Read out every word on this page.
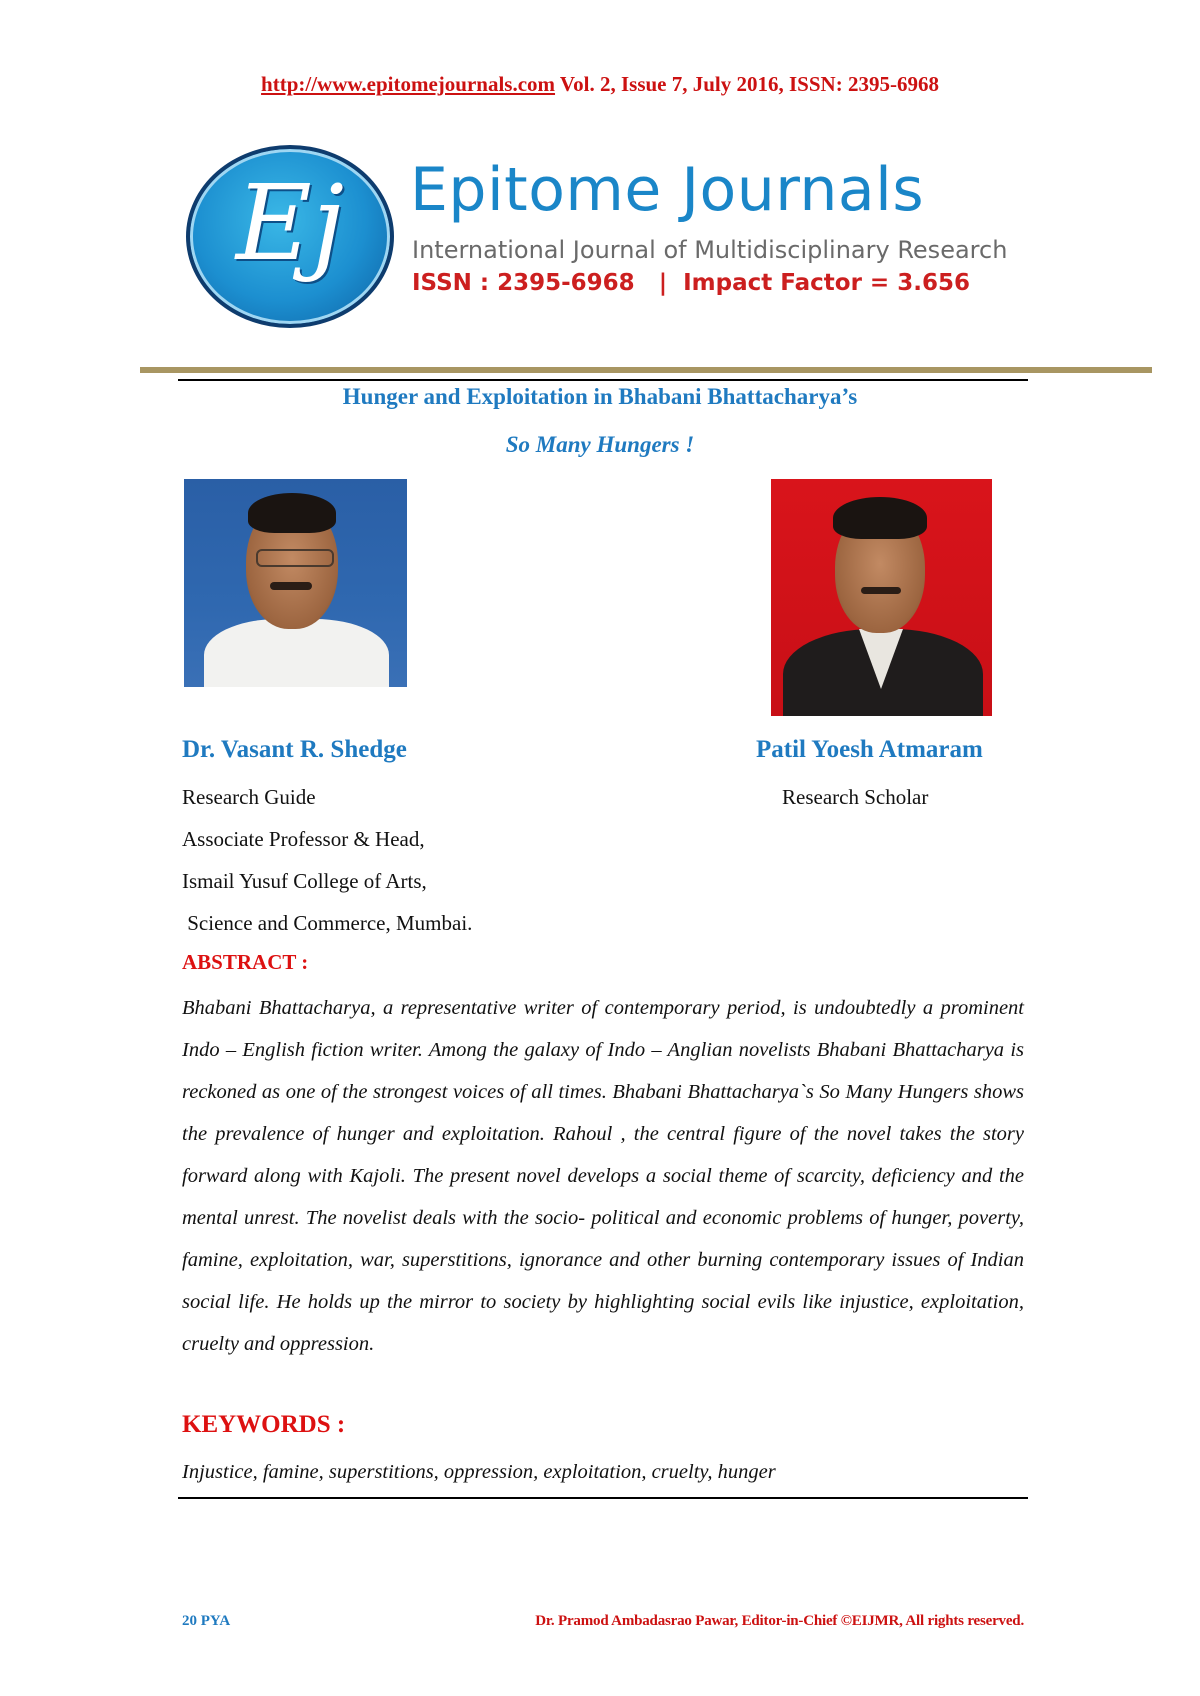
http://www.epitomejournals.com Vol. 2, Issue 7, July 2016, ISSN: 2395-6968
Ej	Epitome Journals
International Journal of Multidisciplinary Research
ISSN : 2395-6968   |  Impact Factor = 3.656
Hunger and Exploitation in Bhabani Bhattacharya’s
So Many Hungers !
Dr. Vasant R. Shedge	Patil Yoesh Atmaram
Research Guide
Associate Professor & Head,
Ismail Yusuf College of Arts,
Science and Commerce, Mumbai.
Research Scholar
ABSTRACT :
Bhabani Bhattacharya, a representative writer of contemporary period, is undoubtedly a prominent Indo – English fiction writer. Among the galaxy of Indo – Anglian novelists Bhabani Bhattacharya is reckoned as one of the strongest voices of all times. Bhabani Bhattacharya`s So Many Hungers shows the prevalence of hunger and exploitation. Rahoul , the central figure of the novel takes the story forward along with Kajoli. The present novel develops a social theme of scarcity, deficiency and the mental unrest. The novelist deals with the socio- political and economic problems of hunger, poverty, famine, exploitation, war, superstitions, ignorance and other burning contemporary issues of Indian social life. He holds up the mirror to society by highlighting social evils like injustice, exploitation, cruelty and oppression.
KEYWORDS :
Injustice, famine, superstitions, oppression, exploitation, cruelty, hunger
20 PYA	Dr. Pramod Ambadasrao Pawar, Editor-in-Chief ©EIJMR, All rights reserved.
